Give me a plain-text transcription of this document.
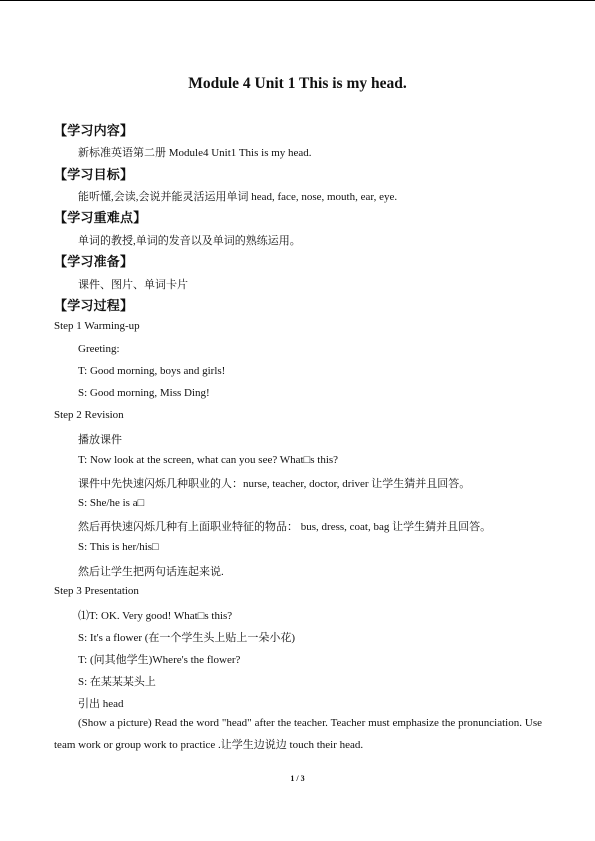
Module 4 Unit 1 This is my head.
【学习内容】
新标准英语第二册 Module4 Unit1 This is my head.
【学习目标】
能听懂,会读,会说并能灵活运用单词 head, face, nose, mouth, ear, eye.
【学习重难点】
单词的教授,单词的发音以及单词的熟练运用。
【学习准备】
课件、图片、单词卡片
【学习过程】
Step 1 Warming-up
Greeting:
T: Good morning, boys and girls!
S: Good morning, Miss Ding!
Step 2 Revision
播放课件
T: Now look at the screen, what can you see? What□s this?
课件中先快速闪烁几种职业的人：nurse, teacher, doctor, driver 让学生猜并且回答。
S: She/he is a□
然后再快速闪烁几种有上面职业特征的物品： bus, dress, coat, bag 让学生猜并且回答。
S: This is her/his□
然后让学生把两句话连起来说.
Step 3 Presentation
⑴T: OK. Very good! What□s this?
S: It's a flower (在一个学生头上贴上一朵小花)
T: (问其他学生)Where's the flower?
S: 在某某某头上
引出 head
(Show a picture) Read the word "head" after the teacher. Teacher must emphasize the pronunciation. Use team work or group work to practice .让学生边说边 touch their head.
1 / 3
